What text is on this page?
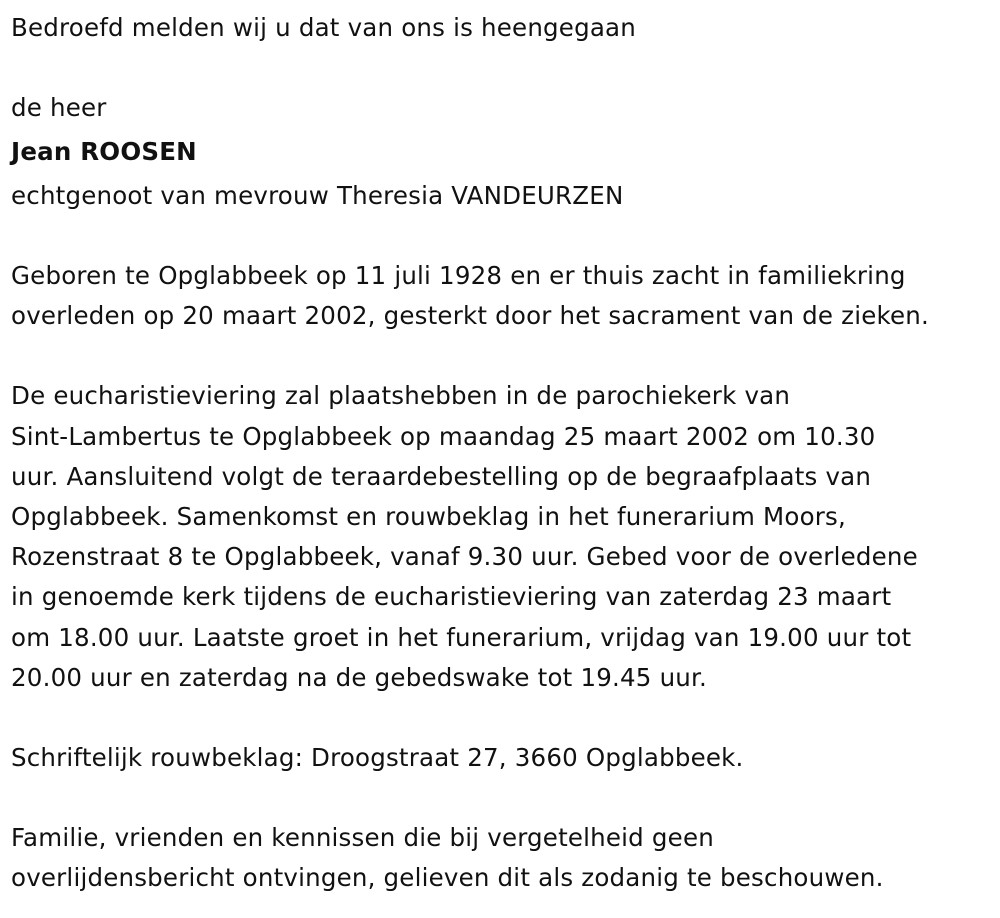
Bedroefd melden wij u dat van ons is heengegaan
de heer
Jean ROOSEN
echtgenoot van mevrouw Theresia VANDEURZEN
Geboren te Opglabbeek op 11 juli 1928 en er thuis zacht in familiekring
overleden op 20 maart 2002, gesterkt door het sacrament van de zieken.
De eucharistieviering zal plaatshebben in de parochiekerk van
Sint-Lambertus te Opglabbeek op maandag 25 maart 2002 om 10.30
uur. Aansluitend volgt de teraardebestelling op de begraafplaats van
Opglabbeek. Samenkomst en rouwbeklag in het funerarium Moors,
Rozenstraat 8 te Opglabbeek, vanaf 9.30 uur. Gebed voor de overledene
in genoemde kerk tijdens de eucharistieviering van zaterdag 23 maart
om 18.00 uur. Laatste groet in het funerarium, vrijdag van 19.00 uur tot
20.00 uur en zaterdag na de gebedswake tot 19.45 uur.
Schriftelijk rouwbeklag: Droogstraat 27, 3660 Opglabbeek.
Familie, vrienden en kennissen die bij vergetelheid geen
overlijdensbericht ontvingen, gelieven dit als zodanig te beschouwen.
